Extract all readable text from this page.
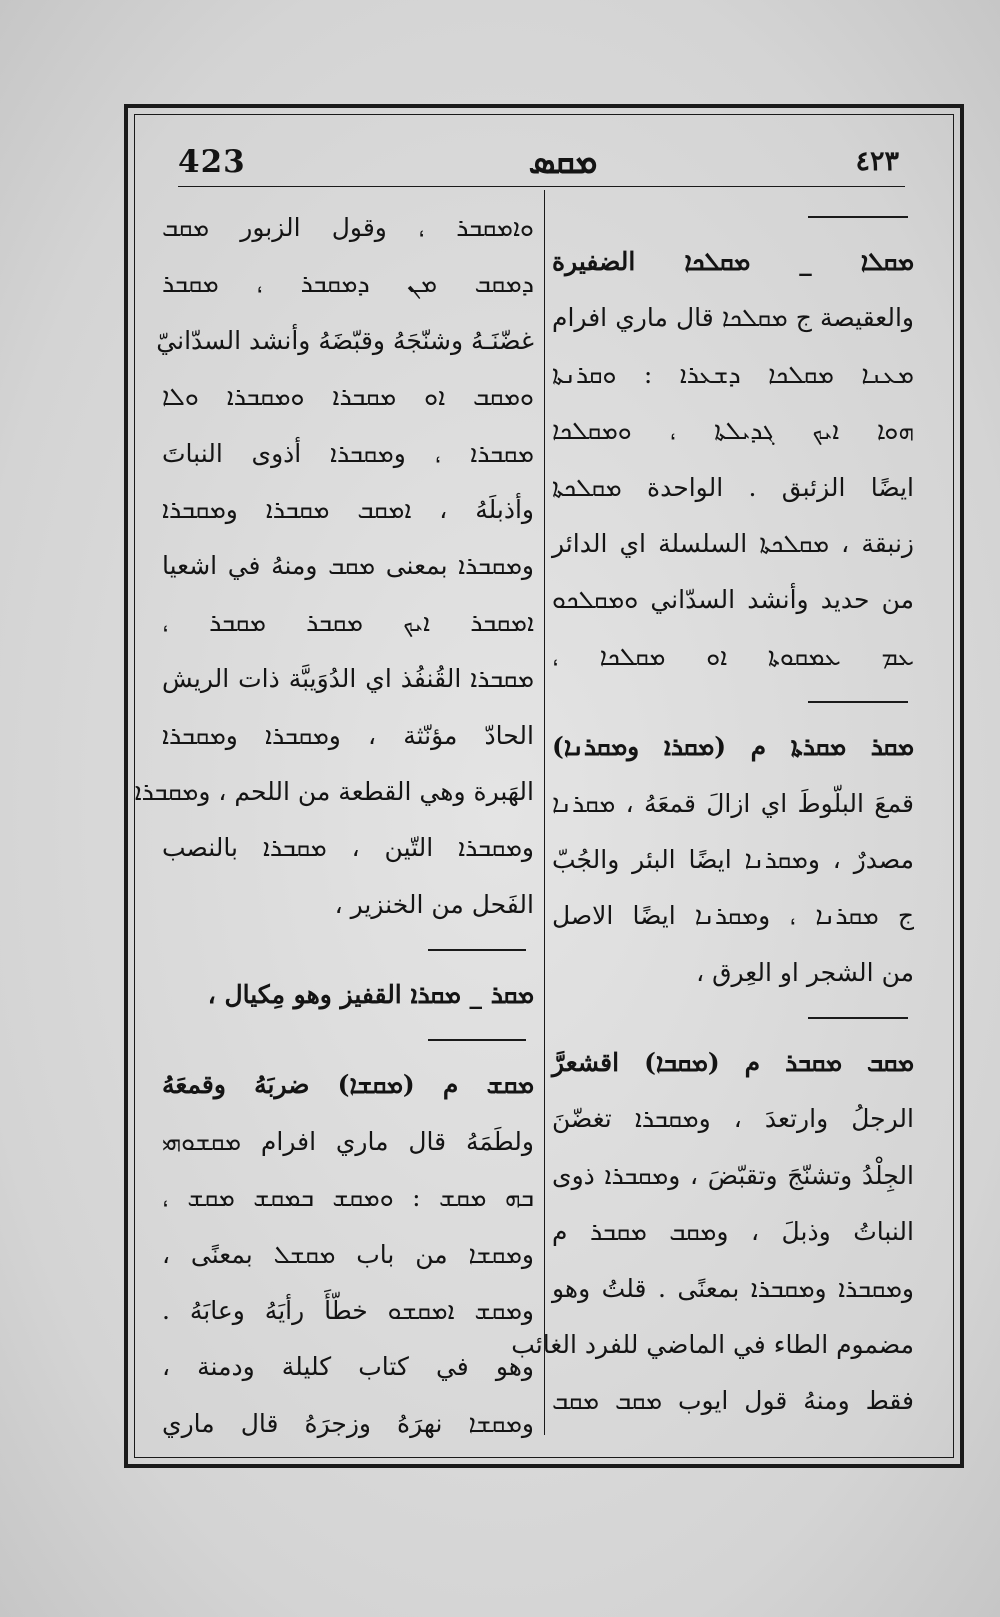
423	ܡܩܣ	٤٢٣
ܡܩܠܐ _ ܡܩܠܟܐ الضفيرة
والعقيصة ج ܡܩܠܟܐ قال ماري افرام
ܡܥܢܐ ܡܩܠܟܐ ܕܫܥܪܐ : ܘܩܪܢܬܐ
ܗܘܐ ܐܝܟ ܓܕܝܠܬܐ ، ܘܡܩܠܟܐ
ايضًا الزئبق . الواحدة ܡܩܠܟܬܐ
زنبقة ، ܡܩܠܟܬܐ السلسلة اي الدائر
من حديد وأنشد السدّاني ܘܡܩܠܟܘ
ܥܡ ܥܡܩܘܬܐ ܐܘ ܡܩܠܟܐ ،
ܡܩܪ ܡܩܪܬܐ م (ܡܩܪܐ وܡܩܪܢܐ)
قمعَ البلّوطَ اي ازالَ قمعَهُ ، ܡܩܪܢܐ
مصدرٌ ، وܡܩܪܢܐ ايضًا البئر والجُبّ
ج ܡܩܪܢܐ ، وܡܩܪܢܐ ايضًا الاصل
من الشجر او العِرق ،
ܡܩܒ ܡܩܒܪ م (ܡܩܒܐ) اقشعرَّ
الرجلُ وارتعدَ ، وܡܩܒܪܐ تغضّنَ
الجِلْدُ وتشنّجَ وتقبّضَ ، وܡܩܒܪܐ ذوى
النباتُ وذبلَ ، وܡܩܒ ܡܩܒܪ م
وܡܩܒܪܐ وܡܩܒܪܐ بمعنًى . قلتُ وهو
مضموم الطاء في الماضي للفرد الغائب
فقط ومنهُ قول ايوب ܡܩܒ ܡܩܒ
ܘܐܡܩܒܪ ، وقول الزبور ܡܩܒ
ܕܡܩܒ ܡܢ ܕܡܩܒܪ ، ܡܩܒܪ
غضّنَـهُ وشنّجَهُ وقبّضَهُ وأنشد السدّانيّ
ܘܡܩܒ ܐܘ ܡܩܒܪܐ ܘܡܩܒܪܐ ܘܠܐ
ܡܩܒܪܐ ، وܡܩܒܪܐ أذوى النباتَ
وأذبلَهُ ، ܐܡܩܒ ܡܩܒܪܐ وܡܩܒܪܐ
وܡܩܒܪܐ بمعنى ܡܩܒ ومنهُ في اشعيا
ܐܡܩܒܪ ܐܝܟ ܡܩܒܪ ܡܩܒܪ ،
ܡܩܒܪܐ القُنفُذ اي الدُوَيبَّة ذات الريش
الحادّ مؤنّثة ، وܡܩܒܪܐ وܡܩܒܪܐ
الهَبرة وهي القطعة من اللحم ، وܡܩܒܪܐ
وܡܩܒܪܐ التّين ، ܡܩܒܪܐ بالنصب
الفَحل من الخنزير ،
ܡܩܪ _ ܡܩܪܐ القفيز وهو مِكيال ،
ܡܩܫ م (ܡܩܫܐ) ضربَهُ وقمعَهُ
ولطَمَهُ قال ماري افرام ܡܩܫܘܗܝ
ܒܗ ܡܩܫ : ܘܡܩܫ ܒܡܩܫ ܡܩܫ ،
وܡܩܫܐ من باب ܡܩܫܠ بمعنًى ،
وܡܩܫ ܐܡܩܫܘ خطّأَ رأيَهُ وعابَهُ .
وهو في كتاب كليلة ودمنة ،
وܡܩܫܐ نهرَهُ وزجرَهُ قال ماري
